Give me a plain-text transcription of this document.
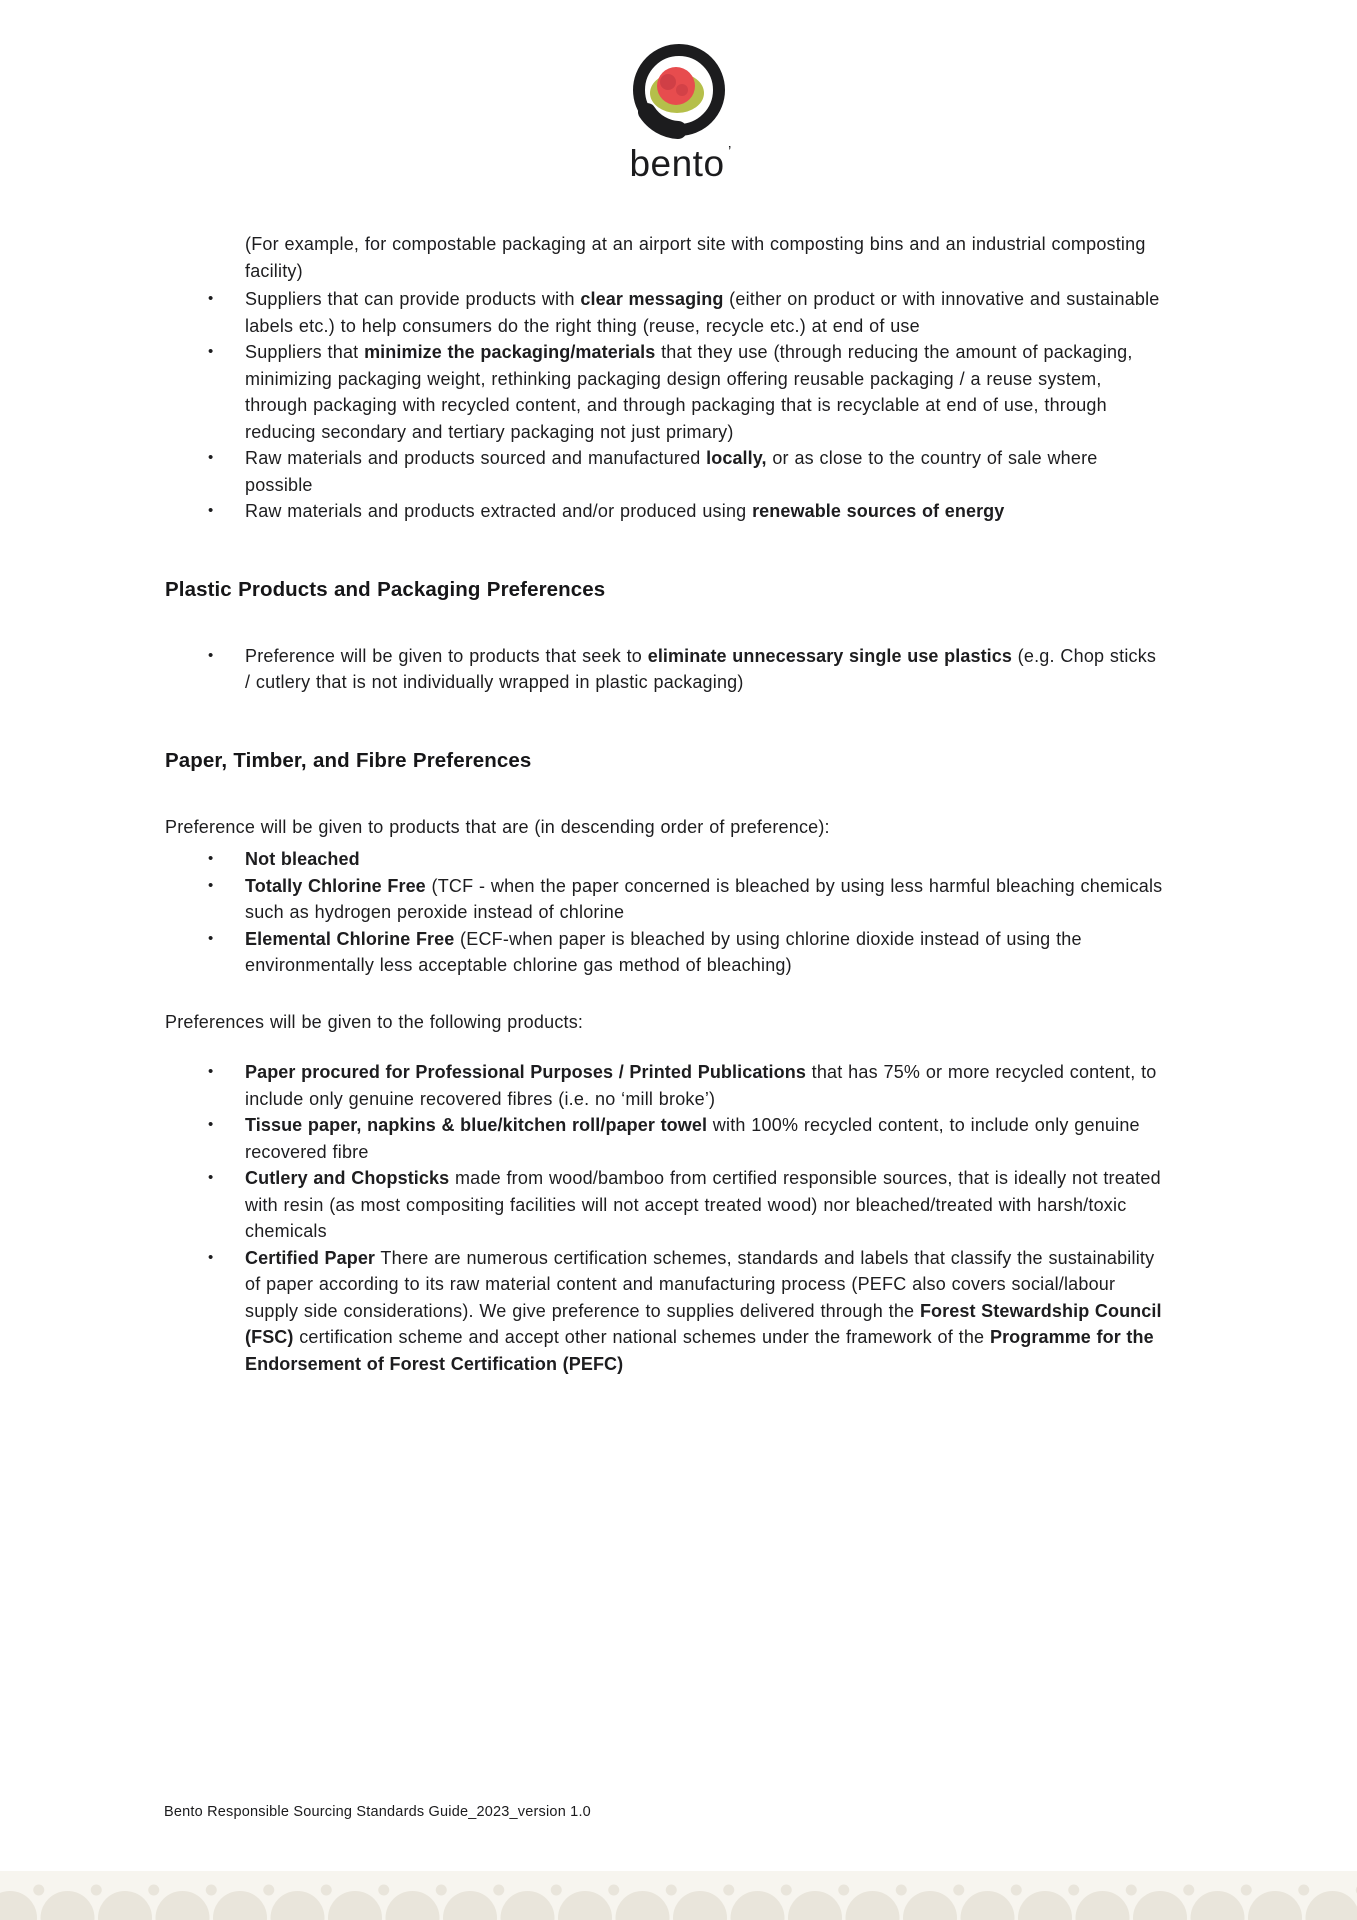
bento ’
(For example, for compostable packaging at an airport site with composting bins and an industrial composting facility)
•	Suppliers that can provide products with clear messaging (either on product or with innovative and sustainable labels etc.) to help consumers do the right thing (reuse, recycle etc.) at end of use
•	Suppliers that minimize the packaging/materials that they use (through reducing the amount of packaging, minimizing packaging weight, rethinking packaging design offering reusable packaging / a reuse system, through packaging with recycled content, and through packaging that is recyclable at end of use, through reducing secondary and tertiary packaging not just primary)
•	Raw materials and products sourced and manufactured locally, or as close to the country of sale where possible
•	Raw materials and products extracted and/or produced using renewable sources of energy
Plastic Products and Packaging Preferences
•	Preference will be given to products that seek to eliminate unnecessary single use plastics (e.g. Chop sticks / cutlery that is not individually wrapped in plastic packaging)
Paper, Timber, and Fibre Preferences
Preference will be given to products that are (in descending order of preference):
•	Not bleached
•	Totally Chlorine Free (TCF - when the paper concerned is bleached by using less harmful bleaching chemicals such as hydrogen peroxide instead of chlorine
•	Elemental Chlorine Free (ECF-when paper is bleached by using chlorine dioxide instead of using the environmentally less acceptable chlorine gas method of bleaching)
Preferences will be given to the following products:
•	Paper procured for Professional Purposes / Printed Publications that has 75% or more recycled content, to include only genuine recovered fibres (i.e. no ‘mill broke’)
•	Tissue paper, napkins & blue/kitchen roll/paper towel with 100% recycled content, to include only genuine recovered fibre
•	Cutlery and Chopsticks made from wood/bamboo from certified responsible sources, that is ideally not treated with resin (as most compositing facilities will not accept treated wood) nor bleached/treated with harsh/toxic chemicals
•	Certified Paper There are numerous certification schemes, standards and labels that classify the sustainability of paper according to its raw material content and manufacturing process (PEFC also covers social/labour supply side considerations). We give preference to supplies delivered through the Forest Stewardship Council (FSC) certification scheme and accept other national schemes under the framework of the Programme for the Endorsement of Forest Certification (PEFC)
Bento Responsible Sourcing Standards Guide_2023_version 1.0
